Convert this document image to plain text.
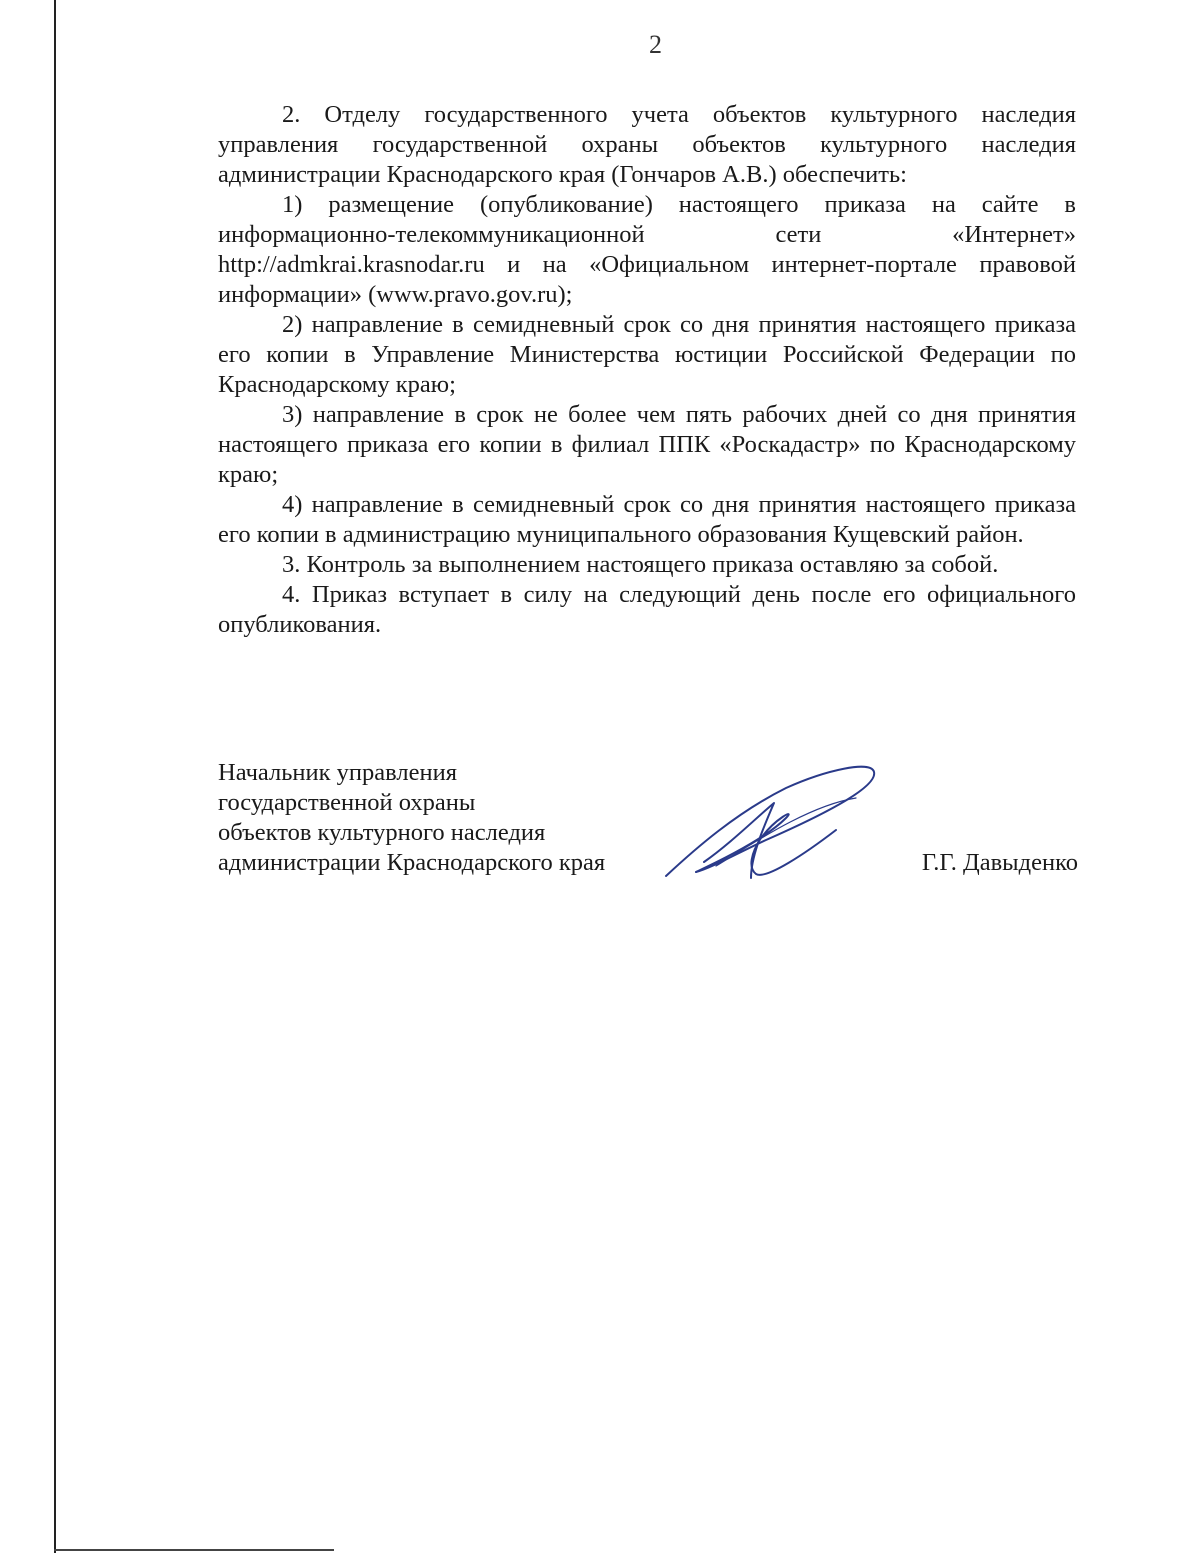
2

2. Отделу государственного учета объектов культурного наследия управления государственной охраны объектов культурного наследия администрации Краснодарского края (Гончаров А.В.) обеспечить:

1) размещение (опубликование) настоящего приказа на сайте в информационно-телекоммуникационной сети «Интернет» http://admkrai.krasnodar.ru и на «Официальном интернет-портале правовой информации» (www.pravo.gov.ru);

2) направление в семидневный срок со дня принятия настоящего приказа его копии в Управление Министерства юстиции Российской Федерации по Краснодарскому краю;

3) направление в срок не более чем пять рабочих дней со дня принятия настоящего приказа его копии в филиал ППК «Роскадастр» по Краснодарскому краю;

4) направление в семидневный срок со дня принятия настоящего приказа его копии в администрацию муниципального образования Кущевский район.

3. Контроль за выполнением настоящего приказа оставляю за собой.

4. Приказ вступает в силу на следующий день после его официального опубликования.

Начальник управления
государственной охраны
объектов культурного наследия
администрации Краснодарского края	Г.Г. Давыденко
